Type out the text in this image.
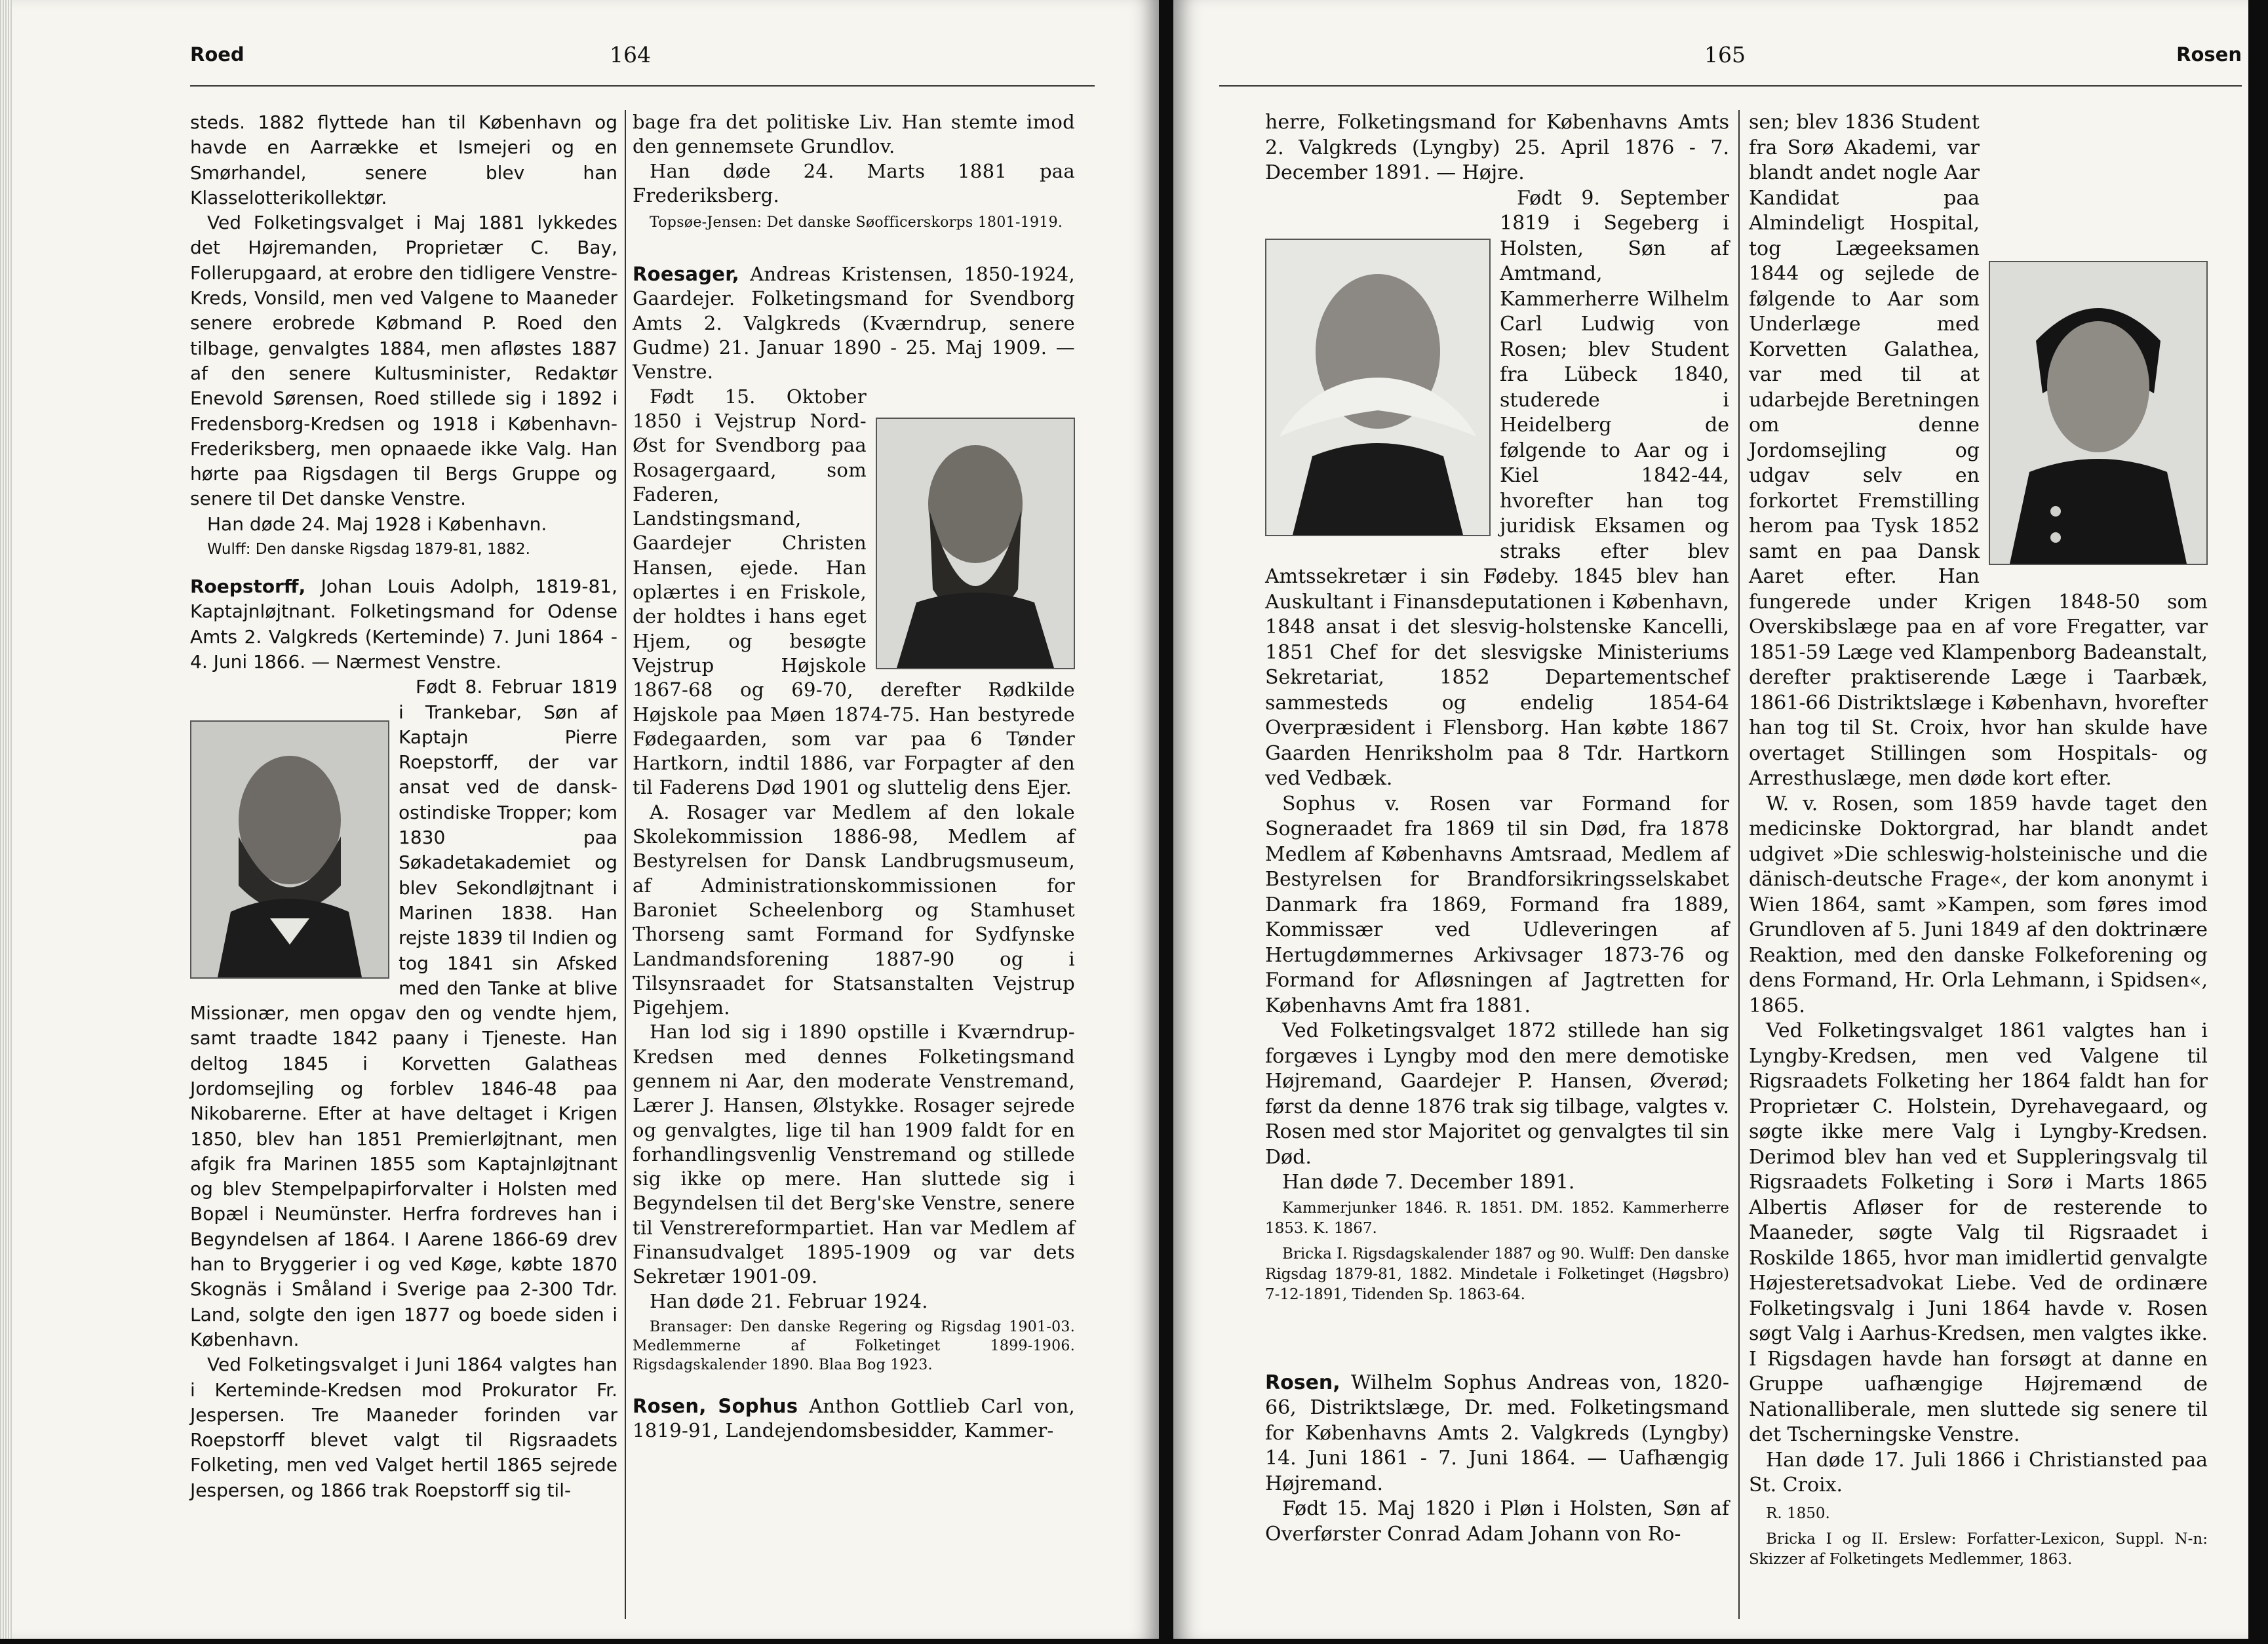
Roed	164

steds. 1882 flyttede han til København og havde en Aarrække et Ismejeri og en Smørhandel, senere blev han Klasselotterikollektør.

Ved Folketingsvalget i Maj 1881 lykkedes det Højremanden, Proprietær C. Bay, Follerupgaard, at erobre den tidligere Venstre-Kreds, Vonsild, men ved Valgene to Maaneder senere erobrede Købmand P. Roed den tilbage, genvalgtes 1884, men afløstes 1887 af den senere Kultusminister, Redaktør Enevold Sørensen, Roed stillede sig i 1892 i Fredensborg-Kredsen og 1918 i København-Frederiksberg, men opnaaede ikke Valg. Han hørte paa Rigsdagen til Bergs Gruppe og senere til Det danske Venstre.

Han døde 24. Maj 1928 i København.

Wulff: Den danske Rigsdag 1879-81, 1882.

Roepstorff, Johan Louis Adolph, 1819-81, Kaptajnløjtnant. Folketingsmand for Odense Amts 2. Valgkreds (Kerteminde) 7. Juni 1864 - 4. Juni 1866. — Nærmest Venstre.

Født 8. Februar 1819 i Trankebar, Søn af Kaptajn Pierre Roepstorff, der var ansat ved de dansk-ostindiske Tropper; kom 1830 paa Søkadetakademiet og blev Sekondløjtnant i Marinen 1838. Han rejste 1839 til Indien og tog 1841 sin Afsked med den Tanke at blive Missionær, men opgav den og vendte hjem, samt traadte 1842 paany i Tjeneste. Han deltog 1845 i Korvetten Galatheas Jordomsejling og forblev 1846-48 paa Nikobarerne. Efter at have deltaget i Krigen 1850, blev han 1851 Premierløjtnant, men afgik fra Marinen 1855 som Kaptajnløjtnant og blev Stempelpapirforvalter i Holsten med Bopæl i Neumünster. Herfra fordreves han i Begyndelsen af 1864. I Aarene 1866-69 drev han to Bryggerier i og ved Køge, købte 1870 Skognäs i Småland i Sverige paa 2-300 Tdr. Land, solgte den igen 1877 og boede siden i København.

Ved Folketingsvalget i Juni 1864 valgtes han i Kerteminde-Kredsen mod Prokurator Fr. Jespersen. Tre Maaneder forinden var Roepstorff blevet valgt til Rigsraadets Folketing, men ved Valget hertil 1865 sejrede Jespersen, og 1866 trak Roepstorff sig til-

bage fra det politiske Liv. Han stemte imod den gennemsete Grundlov.

Han døde 24. Marts 1881 paa Frederiksberg.

Topsøe-Jensen: Det danske Søofficerskorps 1801-1919.

Roesager, Andreas Kristensen, 1850-1924, Gaardejer. Folketingsmand for Svendborg Amts 2. Valgkreds (Kværndrup, senere Gudme) 21. Januar 1890 - 25. Maj 1909. — Venstre.

Født 15. Oktober 1850 i Vejstrup Nord-Øst for Svendborg paa Rosagergaard, som Faderen, Landstingsmand, Gaardejer Christen Hansen, ejede. Han oplærtes i en Friskole, der holdtes i hans eget Hjem, og besøgte Vejstrup Højskole 1867-68 og 69-70, derefter Rødkilde Højskole paa Møen 1874-75. Han bestyrede Fødegaarden, som var paa 6 Tønder Hartkorn, indtil 1886, var Forpagter af den til Faderens Død 1901 og sluttelig dens Ejer.

A. Rosager var Medlem af den lokale Skolekommission 1886-98, Medlem af Bestyrelsen for Dansk Landbrugsmuseum, af Administrationskommissionen for Baroniet Scheelenborg og Stamhuset Thorseng samt Formand for Sydfynske Landmandsforening 1887-90 og i Tilsynsraadet for Statsanstalten Vejstrup Pigehjem.

Han lod sig i 1890 opstille i Kværndrup-Kredsen med dennes Folketingsmand gennem ni Aar, den moderate Venstremand, Lærer J. Hansen, Ølstykke. Rosager sejrede og genvalgtes, lige til han 1909 faldt for en forhandlingsvenlig Venstremand og stillede sig ikke op mere. Han sluttede sig i Begyndelsen til det Berg'ske Venstre, senere til Venstrereformpartiet. Han var Medlem af Finansudvalget 1895-1909 og var dets Sekretær 1901-09.

Han døde 21. Februar 1924.

Bransager: Den danske Regering og Rigsdag 1901-03. Medlemmerne af Folketinget 1899-1906. Rigsdagskalender 1890. Blaa Bog 1923.

Rosen, Sophus Anthon Gottlieb Carl von, 1819-91, Landejendomsbesidder, Kammer-

165	Rosen

herre, Folketingsmand for Københavns Amts 2. Valgkreds (Lyngby) 25. April 1876 - 7. December 1891. — Højre.

Født 9. September 1819 i Segeberg i Holsten, Søn af Amtmand, Kammerherre Wilhelm Carl Ludwig von Rosen; blev Student fra Lübeck 1840, studerede i Heidelberg de følgende to Aar og i Kiel 1842-44, hvorefter han tog juridisk Eksamen og straks efter blev Amtssekretær i sin Fødeby. 1845 blev han Auskultant i Finansdeputationen i København, 1848 ansat i det slesvig-holstenske Kancelli, 1851 Chef for det slesvigske Ministeriums Sekretariat, 1852 Departementschef sammesteds og endelig 1854-64 Overpræsident i Flensborg. Han købte 1867 Gaarden Henriksholm paa 8 Tdr. Hartkorn ved Vedbæk.

Sophus v. Rosen var Formand for Sogneraadet fra 1869 til sin Død, fra 1878 Medlem af Københavns Amtsraad, Medlem af Bestyrelsen for Brandforsikringsselskabet Danmark fra 1869, Formand fra 1889, Kommissær ved Udleveringen af Hertugdømmernes Arkivsager 1873-76 og Formand for Afløsningen af Jagtretten for Københavns Amt fra 1881.

Ved Folketingsvalget 1872 stillede han sig forgæves i Lyngby mod den mere demotiske Højremand, Gaardejer P. Hansen, Øverød; først da denne 1876 trak sig tilbage, valgtes v. Rosen med stor Majoritet og genvalgtes til sin Død.

Han døde 7. December 1891.

Kammerjunker 1846. R. 1851. DM. 1852. Kammerherre 1853. K. 1867.

Bricka I. Rigsdagskalender 1887 og 90. Wulff: Den danske Rigsdag 1879-81, 1882. Mindetale i Folketinget (Høgsbro) 7-12-1891, Tidenden Sp. 1863-64.

Rosen, Wilhelm Sophus Andreas von, 1820-66, Distriktslæge, Dr. med. Folketingsmand for Københavns Amts 2. Valgkreds (Lyngby) 14. Juni 1861 - 7. Juni 1864. — Uafhængig Højremand.

Født 15. Maj 1820 i Pløn i Holsten, Søn af Overførster Conrad Adam Johann von Ro-

sen; blev 1836 Student fra Sorø Akademi, var blandt andet nogle Aar Kandidat paa Almindeligt Hospital, tog Lægeeksamen 1844 og sejlede de følgende to Aar som Underlæge med Korvetten Galathea, var med til at udarbejde Beretningen om denne Jordomsejling og udgav selv en forkortet Fremstilling herom paa Tysk 1852 samt en paa Dansk Aaret efter. Han fungerede under Krigen 1848-50 som Overskibslæge paa en af vore Fregatter, var 1851-59 Læge ved Klampenborg Badeanstalt, derefter praktiserende Læge i Taarbæk, 1861-66 Distriktslæge i København, hvorefter han tog til St. Croix, hvor han skulde have overtaget Stillingen som Hospitals- og Arresthuslæge, men døde kort efter.

W. v. Rosen, som 1859 havde taget den medicinske Doktorgrad, har blandt andet udgivet »Die schleswig-holsteinische und die dänisch-deutsche Frage«, der kom anonymt i Wien 1864, samt »Kampen, som føres imod Grundloven af 5. Juni 1849 af den doktrinære Reaktion, med den danske Folkeforening og dens Formand, Hr. Orla Lehmann, i Spidsen«, 1865.

Ved Folketingsvalget 1861 valgtes han i Lyngby-Kredsen, men ved Valgene til Rigsraadets Folketing her 1864 faldt han for Proprietær C. Holstein, Dyrehavegaard, og søgte ikke mere Valg i Lyngby-Kredsen. Derimod blev han ved et Suppleringsvalg til Rigsraadets Folketing i Sorø i Marts 1865 Albertis Afløser for de resterende to Maaneder, søgte Valg til Rigsraadet i Roskilde 1865, hvor man imidlertid genvalgte Højesteretsadvokat Liebe. Ved de ordinære Folketingsvalg i Juni 1864 havde v. Rosen søgt Valg i Aarhus-Kredsen, men valgtes ikke. I Rigsdagen havde han forsøgt at danne en Gruppe uafhængige Højremænd de Nationalliberale, men sluttede sig senere til det Tscherningske Venstre.

Han døde 17. Juli 1866 i Christiansted paa St. Croix.

R. 1850.

Bricka I og II. Erslew: Forfatter-Lexicon, Suppl. N-n: Skizzer af Folketingets Medlemmer, 1863.
